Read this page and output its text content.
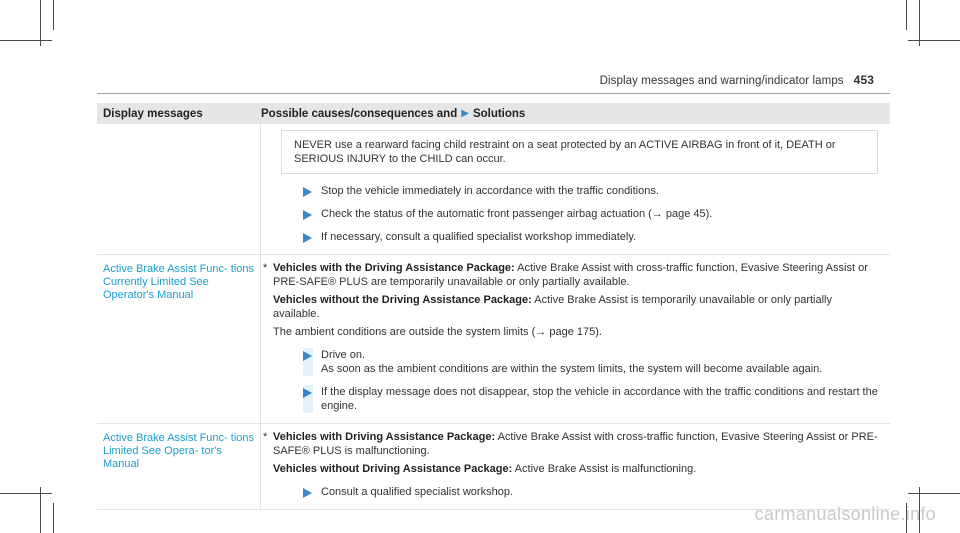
Display messages and warning/indicator lamps 453
Display messages	Possible causes/consequences and ▶ Solutions
NEVER use a rearward facing child restraint on a seat protected by an ACTIVE AIRBAG in front of it, DEATH or SERIOUS INJURY to the CHILD can occur.
Stop the vehicle immediately in accordance with the traffic conditions.
Check the status of the automatic front passenger airbag actuation (→ page 45).
If necessary, consult a qualified specialist workshop immediately.
Active Brake Assist Func- tions Currently Limited See Operator's Manual
* Vehicles with the Driving Assistance Package: Active Brake Assist with cross-traffic function, Evasive Steering Assist or PRE-SAFE® PLUS are temporarily unavailable or only partially available.
Vehicles without the Driving Assistance Package: Active Brake Assist is temporarily unavailable or only partially available.
The ambient conditions are outside the system limits (→ page 175).
Drive on.
As soon as the ambient conditions are within the system limits, the system will become available again.
If the display message does not disappear, stop the vehicle in accordance with the traffic conditions and restart the engine.
Active Brake Assist Func- tions Limited See Opera- tor's Manual
* Vehicles with Driving Assistance Package: Active Brake Assist with cross-traffic function, Evasive Steering Assist or PRE-SAFE® PLUS is malfunctioning.
Vehicles without Driving Assistance Package: Active Brake Assist is malfunctioning.
Consult a qualified specialist workshop.
carmanualsonline.info
